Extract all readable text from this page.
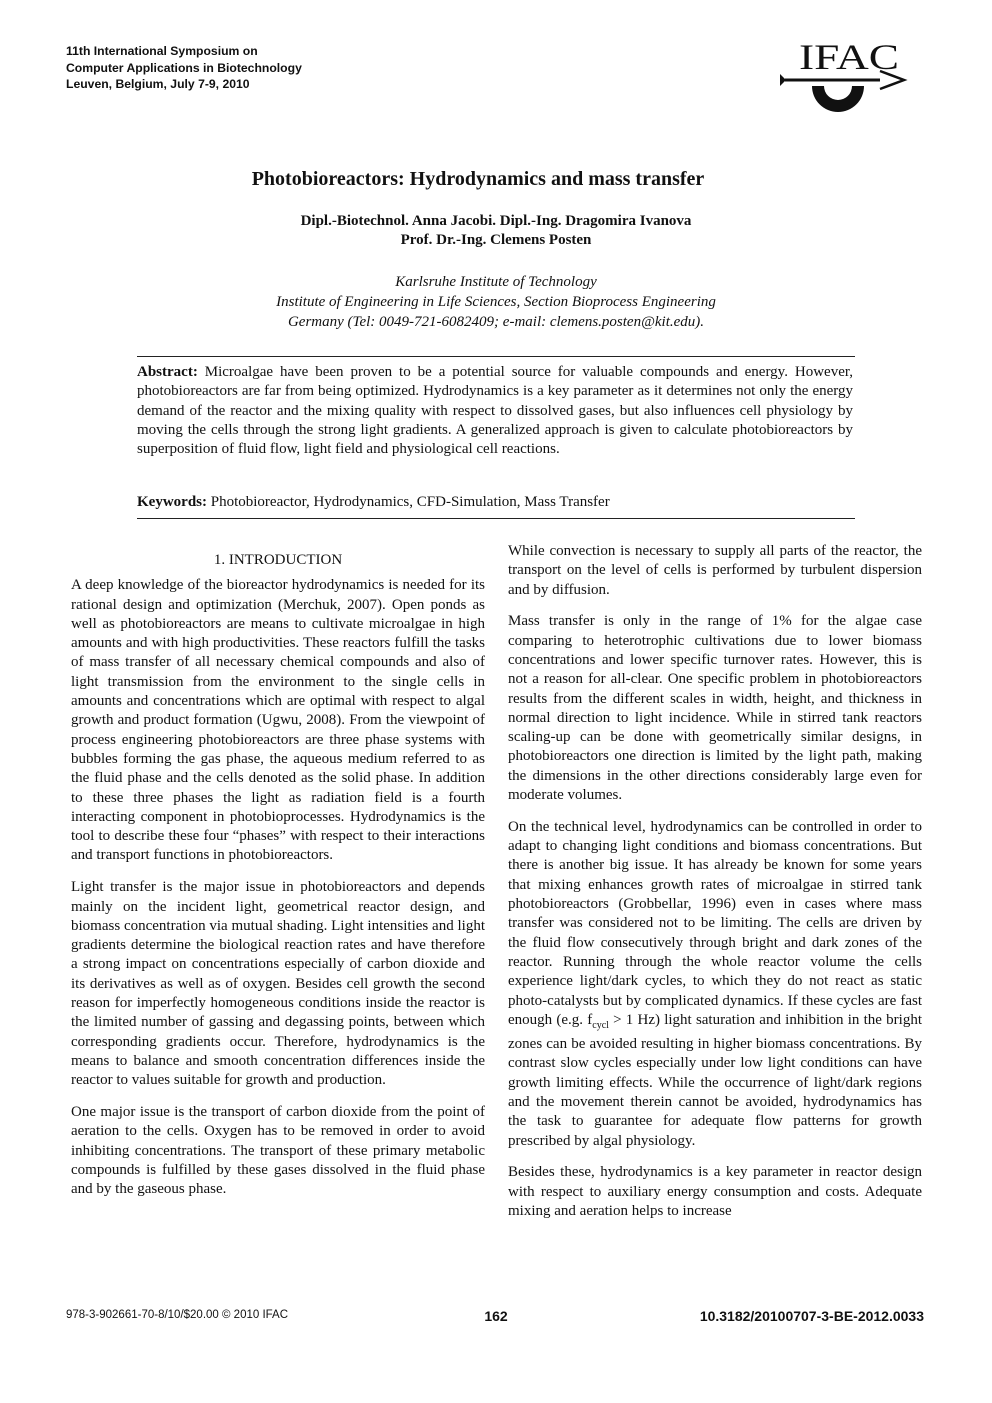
11th International Symposium on
Computer Applications in Biotechnology
Leuven, Belgium, July 7-9, 2010
IFAC
Photobioreactors: Hydrodynamics and mass transfer
Dipl.-Biotechnol. Anna Jacobi. Dipl.-Ing. Dragomira Ivanova
Prof. Dr.-Ing. Clemens Posten
Karlsruhe Institute of Technology
Institute of Engineering in Life Sciences, Section Bioprocess Engineering
Germany (Tel: 0049-721-6082409; e-mail: clemens.posten@kit.edu).
Abstract: Microalgae have been proven to be a potential source for valuable compounds and energy. However, photobioreactors are far from being optimized. Hydrodynamics is a key parameter as it determines not only the energy demand of the reactor and the mixing quality with respect to dissolved gases, but also influences cell physiology by moving the cells through the strong light gradients. A generalized approach is given to calculate photobioreactors by superposition of fluid flow, light field and physiological cell reactions.
Keywords: Photobioreactor, Hydrodynamics, CFD-Simulation, Mass Transfer
1. INTRODUCTION

A deep knowledge of the bioreactor hydrodynamics is needed for its rational design and optimization (Merchuk, 2007). Open ponds as well as photobioreactors are means to cultivate microalgae in high amounts and with high productivities. These reactors fulfill the tasks of mass transfer of all necessary chemical compounds and also of light transmission from the environment to the single cells in amounts and concentrations which are optimal with respect to algal growth and product formation (Ugwu, 2008). From the viewpoint of process engineering photobioreactors are three phase systems with bubbles forming the gas phase, the aqueous medium referred to as the fluid phase and the cells denoted as the solid phase. In addition to these three phases the light as radiation field is a fourth interacting component in photobioprocesses. Hydrodynamics is the tool to describe these four “phases” with respect to their interactions and transport functions in photobioreactors.

Light transfer is the major issue in photobioreactors and depends mainly on the incident light, geometrical reactor design, and biomass concentration via mutual shading. Light intensities and light gradients determine the biological reaction rates and have therefore a strong impact on concentrations especially of carbon dioxide and its derivatives as well as of oxygen. Besides cell growth the second reason for imperfectly homogeneous conditions inside the reactor is the limited number of gassing and degassing points, between which corresponding gradients occur. Therefore, hydrodynamics is the means to balance and smooth concentration differences inside the reactor to values suitable for growth and production.

One major issue is the transport of carbon dioxide from the point of aeration to the cells. Oxygen has to be removed in order to avoid inhibiting concentrations. The transport of these primary metabolic compounds is fulfilled by these gases dissolved in the fluid phase and by the gaseous phase.

While convection is necessary to supply all parts of the reactor, the transport on the level of cells is performed by turbulent dispersion and by diffusion.

Mass transfer is only in the range of 1% for the algae case comparing to heterotrophic cultivations due to lower biomass concentrations and lower specific turnover rates. However, this is not a reason for all-clear. One specific problem in photobioreactors results from the different scales in width, height, and thickness in normal direction to light incidence. While in stirred tank reactors scaling-up can be done with geometrically similar designs, in photobioreactors one direction is limited by the light path, making the dimensions in the other directions considerably large even for moderate volumes.

On the technical level, hydrodynamics can be controlled in order to adapt to changing light conditions and biomass concentrations. But there is another big issue. It has already be known for some years that mixing enhances growth rates of microalgae in stirred tank photobioreactors (Grobbellar, 1996) even in cases where mass transfer was considered not to be limiting. The cells are driven by the fluid flow consecutively through bright and dark zones of the reactor. Running through the whole reactor volume the cells experience light/dark cycles, to which they do not react as static photo-catalysts but by complicated dynamics. If these cycles are fast enough (e.g. $f_{cycl} > 1$ Hz) light saturation and inhibition in the bright zones can be avoided resulting in higher biomass concentrations. By contrast slow cycles especially under low light conditions can have growth limiting effects. While the occurrence of light/dark regions and the movement therein cannot be avoided, hydrodynamics has the task to guarantee for adequate flow patterns for growth prescribed by algal physiology.

Besides these, hydrodynamics is a key parameter in reactor design with respect to auxiliary energy consumption and costs. Adequate mixing and aeration helps to increase

978-3-902661-70-8/10/$20.00 © 2010 IFAC	162	10.3182/20100707-3-BE-2012.0033
